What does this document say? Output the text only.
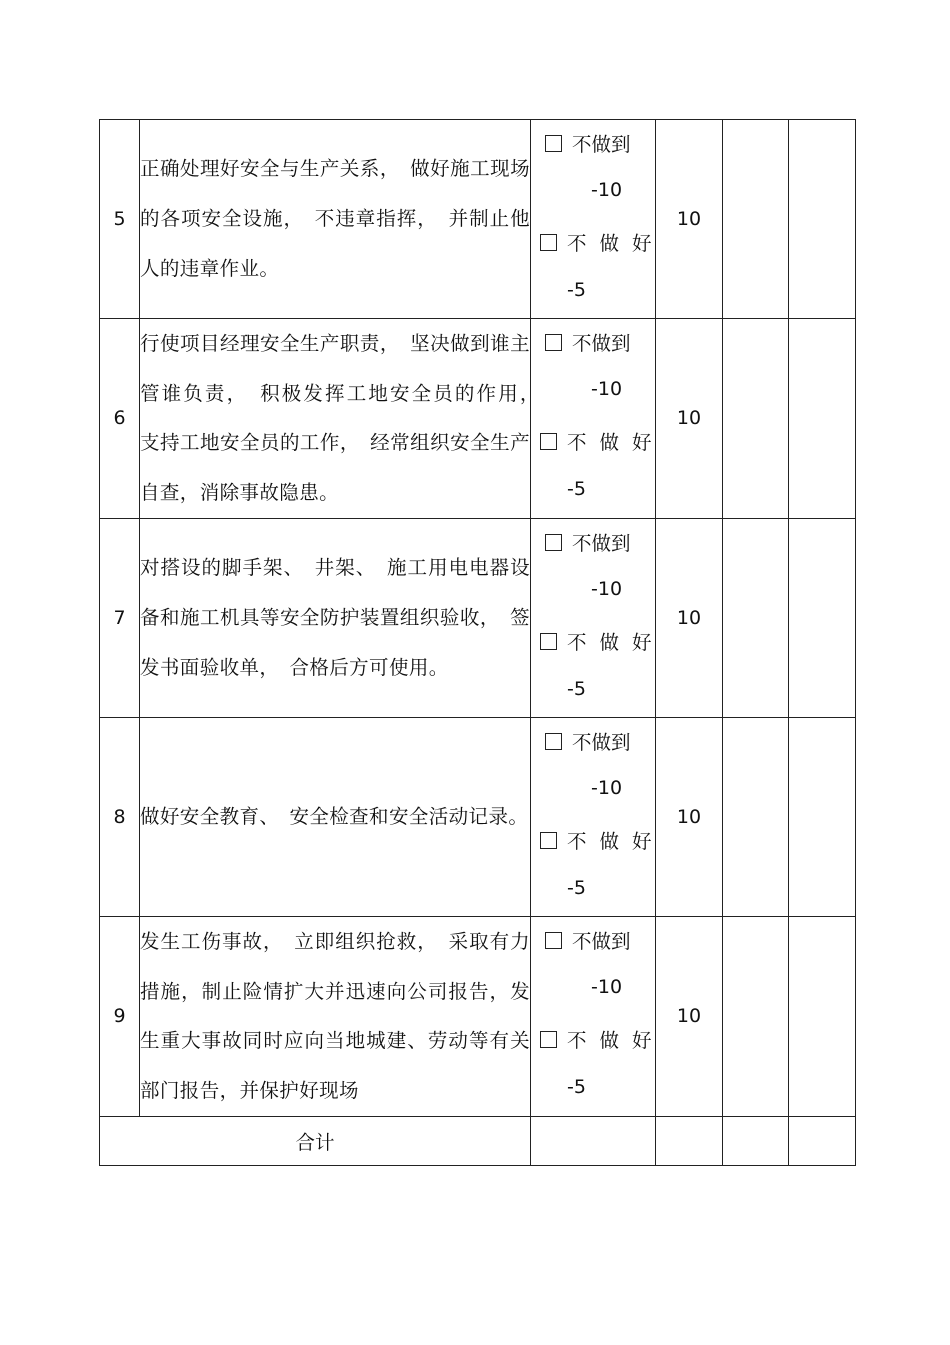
5	正确处理好安全与生产关系，　做好施工现场的各项安全设施，　不违章指挥，　并制止他人的违章作业。	不做到
-10
不做好
-5	10		
6	行使项目经理安全生产职责，　坚决做到谁主管谁负责，　积极发挥工地安全员的作用，　支持工地安全员的工作，　经常组织安全生产自查，消除事故隐患。	不做到
-10
不做好
-5	10		
7	对搭设的脚手架、　井架、　施工用电电器设备和施工机具等安全防护装置组织验收，　签发书面验收单，　合格后方可使用。	不做到
-10
不做好
-5	10		
8	做好安全教育、　安全检查和安全活动记录。	不做到
-10
不做好
-5	10		
9	发生工伤事故，　立即组织抢救，　采取有力措施，制止险情扩大并迅速向公司报告，发生重大事故同时应向当地城建、劳动等有关部门报告，并保护好现场	不做到
-10
不做好
-5	10		
合计					
